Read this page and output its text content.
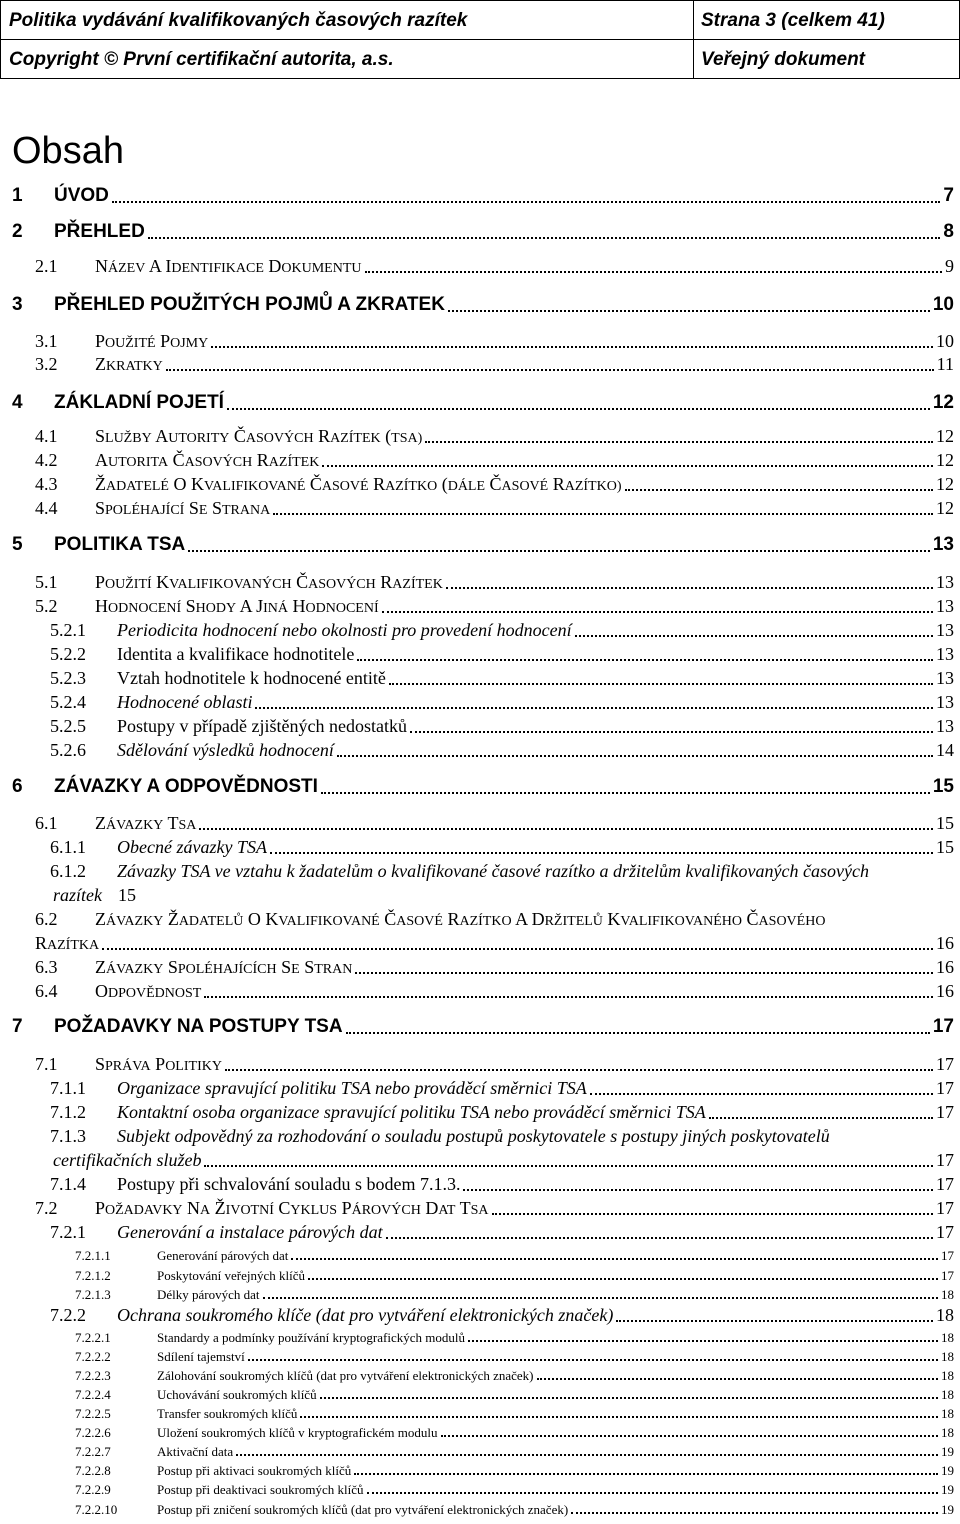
Politika vydávání kvalifikovaných časových razítek	Strana 3 (celkem 41)
Copyright © První certifikační autorita, a.s.	Veřejný dokument
Obsah
1 ÚVOD	7
2 PŘEHLED	8
2.1 NÁZEV A IDENTIFIKACE DOKUMENTU	9
3 PŘEHLED POUŽITÝCH POJMŮ A ZKRATEK	10
3.1 POUŽITÉ POJMY	10
3.2 ZKRATKY	11
4 ZÁKLADNÍ POJETÍ	12
4.1 SLUŽBY AUTORITY ČASOVÝCH RAZÍTEK (TSA)	12
4.2 AUTORITA ČASOVÝCH RAZÍTEK	12
4.3 ŽADATELÉ O KVALIFIKOVANÉ ČASOVÉ RAZÍTKO (DÁLE ČASOVÉ RAZÍTKO)	12
4.4 SPOLÉHAJÍCÍ SE STRANA	12
5 POLITIKA TSA	13
5.1 POUŽITÍ KVALIFIKOVANÝCH ČASOVÝCH RAZÍTEK	13
5.2 HODNOCENÍ SHODY A JINÁ HODNOCENÍ	13
5.2.1 Periodicita hodnocení nebo okolnosti pro provedení hodnocení	13
5.2.2 Identita a kvalifikace hodnotitele	13
5.2.3 Vztah hodnotitele k hodnocené entitě	13
5.2.4 Hodnocené oblasti	13
5.2.5 Postupy v případě zjištěných nedostatků	13
5.2.6 Sdělování výsledků hodnocení	14
6 ZÁVAZKY A ODPOVĚDNOSTI	15
6.1 ZÁVAZKY TSA	15
6.1.1 Obecné závazky TSA	15
6.1.2 Závazky TSA ve vztahu k žadatelům o kvalifikované časové razítko a držitelům kvalifikovaných časových
razítek 15
6.2 ZÁVAZKY ŽADATELŮ O KVALIFIKOVANÉ ČASOVÉ RAZÍTKO A DRŽITELŮ KVALIFIKOVANÉHO ČASOVÉHO
RAZÍTKA	16
6.3 ZÁVAZKY SPOLÉHAJÍCÍCH SE STRAN	16
6.4 ODPOVĚDNOST	16
7 POŽADAVKY NA POSTUPY TSA	17
7.1 SPRÁVA POLITIKY	17
7.1.1 Organizace spravující politiku TSA nebo prováděcí směrnici TSA	17
7.1.2 Kontaktní osoba organizace spravující politiku TSA nebo prováděcí směrnici TSA	17
7.1.3 Subjekt odpovědný za rozhodování o souladu postupů poskytovatele s postupy jiných poskytovatelů
certifikačních služeb	17
7.1.4 Postupy při schvalování souladu s bodem 7.1.3.	17
7.2 POŽADAVKY NA ŽIVOTNÍ CYKLUS PÁROVÝCH DAT TSA	17
7.2.1 Generování a instalace párových dat	17
7.2.1.1	Generování párových dat	17
7.2.1.2	Poskytování veřejných klíčů	17
7.2.1.3	Délky párových dat	18
7.2.2 Ochrana soukromého klíče (dat pro vytváření elektronických značek)	18
7.2.2.1	Standardy a podmínky používání kryptografických modulů	18
7.2.2.2	Sdílení tajemství	18
7.2.2.3	Zálohování soukromých klíčů (dat pro vytváření elektronických značek)	18
7.2.2.4	Uchovávání soukromých klíčů	18
7.2.2.5	Transfer soukromých klíčů	18
7.2.2.6	Uložení soukromých klíčů v kryptografickém modulu	18
7.2.2.7	Aktivační data	19
7.2.2.8	Postup při aktivaci soukromých klíčů	19
7.2.2.9	Postup při deaktivaci soukromých klíčů	19
7.2.2.10	Postup při zničení soukromých klíčů (dat pro vytváření elektronických značek)	19
